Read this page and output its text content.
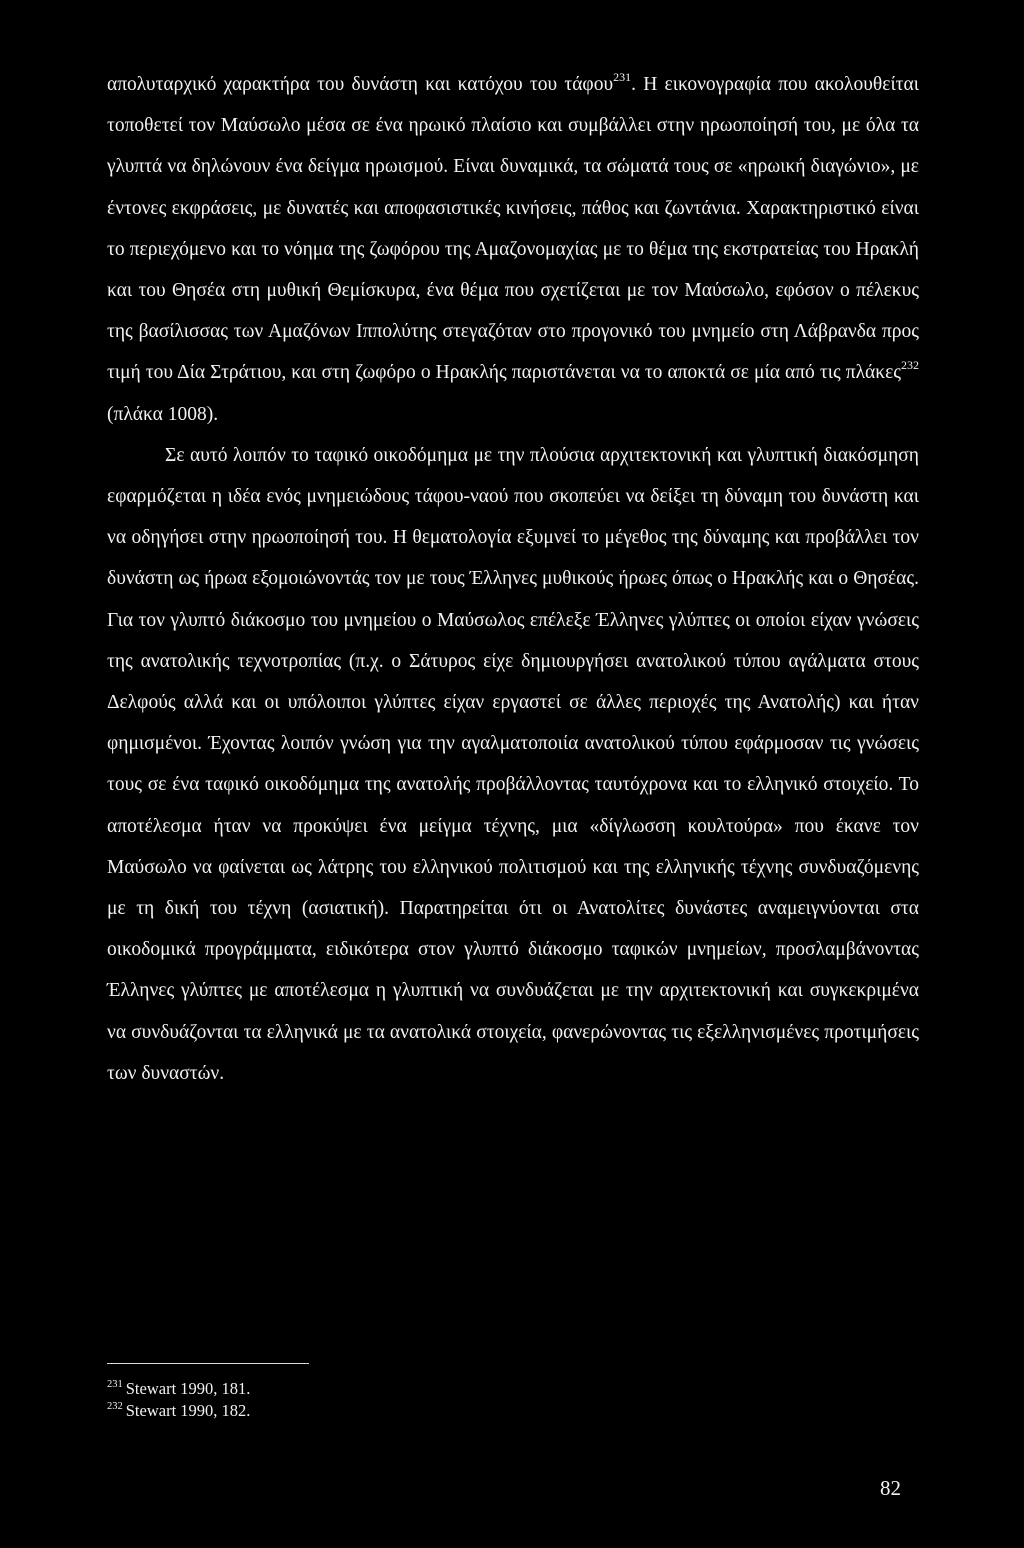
απολυταρχικό χαρακτήρα του δυνάστη και κατόχου του τάφου$^{231}$. Η εικονογραφία που ακολουθείται τοποθετεί τον Μαύσωλο μέσα σε ένα ηρωικό πλαίσιο και συμβάλλει στην ηρωοποίησή του, με όλα τα γλυπτά να δηλώνουν ένα δείγμα ηρωισμού. Είναι δυναμικά, τα σώματά τους σε «ηρωική διαγώνιο», με έντονες εκφράσεις, με δυνατές και αποφασιστικές κινήσεις, πάθος και ζωντάνια. Χαρακτηριστικό είναι το περιεχόμενο και το νόημα της ζωφόρου της Αμαζονομαχίας με το θέμα της εκστρατείας του Ηρακλή και του Θησέα στη μυθική Θεμίσκυρα, ένα θέμα που σχετίζεται με τον Μαύσωλο, εφόσον ο πέλεκυς της βασίλισσας των Αμαζόνων Ιππολύτης στεγαζόταν στο προγονικό του μνημείο στη Λάβρανδα προς τιμή του Δία Στράτιου, και στη ζωφόρο ο Ηρακλής παριστάνεται να το αποκτά σε μία από τις πλάκες$^{232}$ (πλάκα 1008).

Σε αυτό λοιπόν το ταφικό οικοδόμημα με την πλούσια αρχιτεκτονική και γλυπτική διακόσμηση εφαρμόζεται η ιδέα ενός μνημειώδους τάφου-ναού που σκοπεύει να δείξει τη δύναμη του δυνάστη και να οδηγήσει στην ηρωοποίησή του. Η θεματολογία εξυμνεί το μέγεθος της δύναμης και προβάλλει τον δυνάστη ως ήρωα εξομοιώνοντάς τον με τους Έλληνες μυθικούς ήρωες όπως ο Ηρακλής και ο Θησέας. Για τον γλυπτό διάκοσμο του μνημείου ο Μαύσωλος επέλεξε Έλληνες γλύπτες οι οποίοι είχαν γνώσεις της ανατολικής τεχνοτροπίας (π.χ. ο Σάτυρος είχε δημιουργήσει ανατολικού τύπου αγάλματα στους Δελφούς αλλά και οι υπόλοιποι γλύπτες είχαν εργαστεί σε άλλες περιοχές της Ανατολής) και ήταν φημισμένοι. Έχοντας λοιπόν γνώση για την αγαλματοποιία ανατολικού τύπου εφάρμοσαν τις γνώσεις τους σε ένα ταφικό οικοδόμημα της ανατολής προβάλλοντας ταυτόχρονα και το ελληνικό στοιχείο. Το αποτέλεσμα ήταν να προκύψει ένα μείγμα τέχνης, μια «δίγλωσση κουλτούρα» που έκανε τον Μαύσωλο να φαίνεται ως λάτρης του ελληνικού πολιτισμού και της ελληνικής τέχνης συνδυαζόμενης με τη δική του τέχνη (ασιατική). Παρατηρείται ότι οι Ανατολίτες δυνάστες αναμειγνύονται στα οικοδομικά προγράμματα, ειδικότερα στον γλυπτό διάκοσμο ταφικών μνημείων, προσλαμβάνοντας Έλληνες γλύπτες με αποτέλεσμα η γλυπτική να συνδυάζεται με την αρχιτεκτονική και συγκεκριμένα να συνδυάζονται τα ελληνικά με τα ανατολικά στοιχεία, φανερώνοντας τις εξελληνισμένες προτιμήσεις των δυναστών.

$^{231}$ Stewart 1990, 181.
$^{232}$ Stewart 1990, 182.
82
